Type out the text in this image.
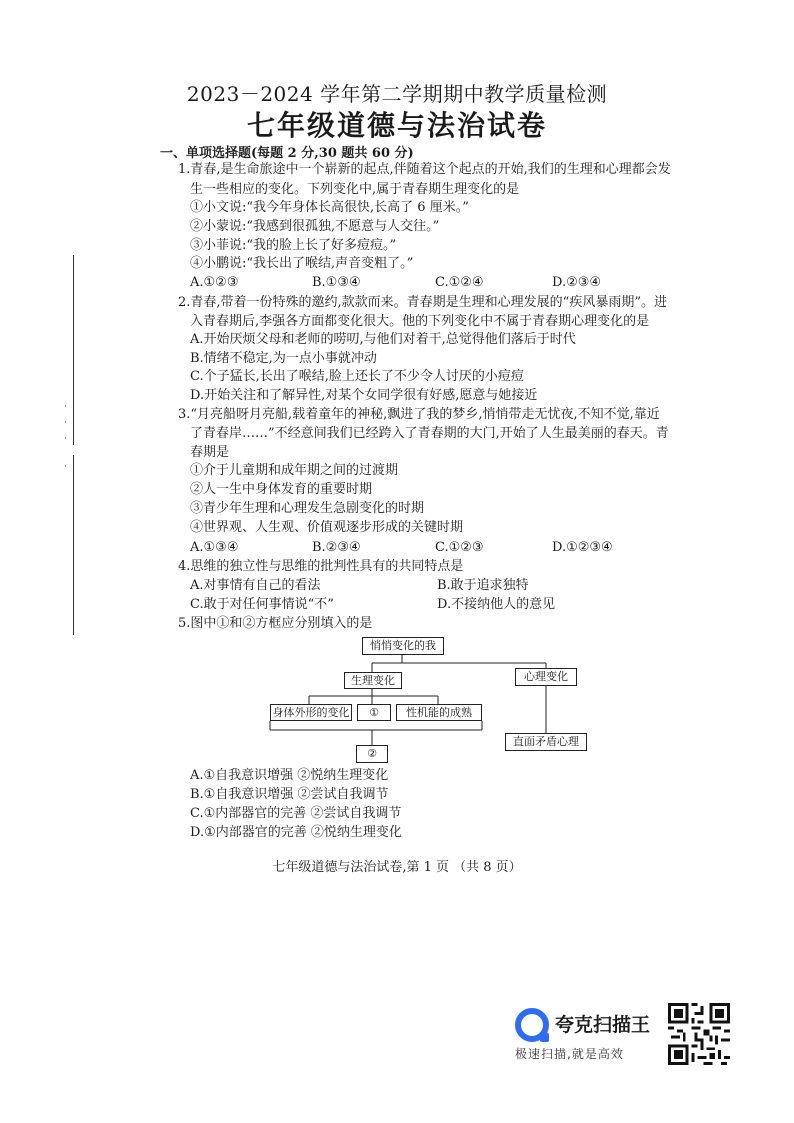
·
·
·
·
2023－2024 学年第二学期期中教学质量检测
七年级道德与法治试卷
一、单项选择题(每题 2 分,30 题共 60 分)
1.青春,是生命旅途中一个崭新的起点,伴随着这个起点的开始,我们的生理和心理都会发
生一些相应的变化。下列变化中,属于青春期生理变化的是
①小文说:“我今年身体长高很快,长高了 6 厘米。”
②小蒙说:“我感到很孤独,不愿意与人交往。”
③小菲说:“我的脸上长了好多痘痘。”
④小鹏说:“我长出了喉结,声音变粗了。”
A.①②③	B.①③④	C.①②④	D.②③④
2.青春,带着一份特殊的邀约,款款而来。青春期是生理和心理发展的“疾风暴雨期”。进
入青春期后,李强各方面都变化很大。他的下列变化中不属于青春期心理变化的是
A.开始厌烦父母和老师的唠叨,与他们对着干,总觉得他们落后于时代
B.情绪不稳定,为一点小事就冲动
C.个子猛长,长出了喉结,脸上还长了不少令人讨厌的小痘痘
D.开始关注和了解异性,对某个女同学很有好感,愿意与她接近
3.“月亮船呀月亮船,载着童年的神秘,飘进了我的梦乡,悄悄带走无忧夜,不知不觉,靠近
了青春岸……”不经意间我们已经跨入了青春期的大门,开始了人生最美丽的春天。青
春期是
①介于儿童期和成年期之间的过渡期
②人一生中身体发育的重要时期
③青少年生理和心理发生急剧变化的时期
④世界观、人生观、价值观逐步形成的关键时期
A.①③④	B.②③④	C.①②③	D.①②③④
4.思维的独立性与思维的批判性具有的共同特点是
A.对事情有自己的看法	B.敢于追求独特
C.敢于对任何事情说“不”	D.不接纳他人的意见
5.图中①和②方框应分别填入的是
悄悄变化的我
生理变化	心理变化
身体外形的变化	①	性机能的成熟
②
直面矛盾心理
A.①自我意识增强 ②悦纳生理变化
B.①自我意识增强 ②尝试自我调节
C.①内部器官的完善 ②尝试自我调节
D.①内部器官的完善 ②悦纳生理变化
七年级道德与法治试卷,第 1 页 （共 8 页）
夸克扫描王
极速扫描,就是高效
